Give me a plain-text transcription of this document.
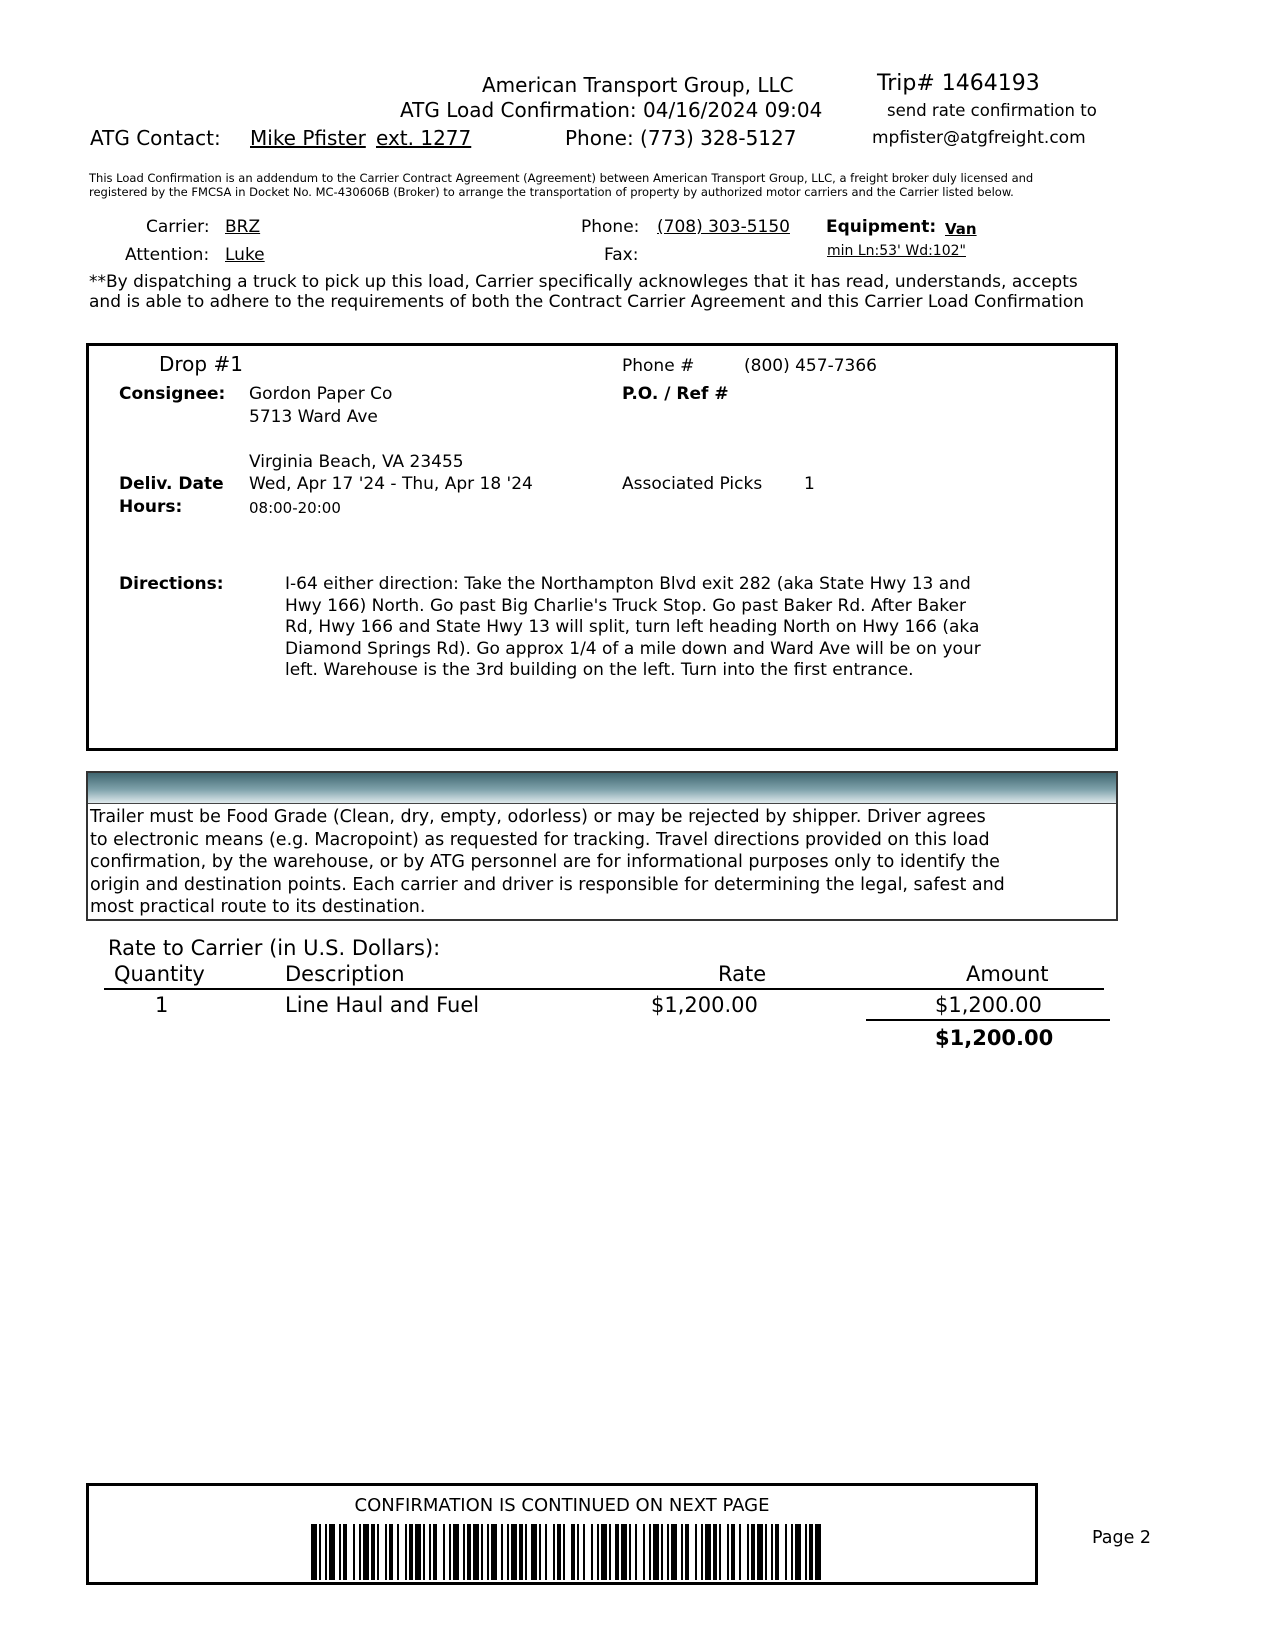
American Transport Group, LLC	Trip# 1464193
ATG Load Confirmation: 04/16/2024 09:04	send rate confirmation to
ATG Contact: Mike Pfister ext. 1277	Phone: (773) 328-5127	mpfister@atgfreight.com
This Load Confirmation is an addendum to the Carrier Contract Agreement (Agreement) between American Transport Group, LLC, a freight broker duly licensed and
registered by the FMCSA in Docket No. MC-430606B (Broker) to arrange the transportation of property by authorized motor carriers and the Carrier listed below.
Carrier: BRZ
Attention: Luke
Phone: (708) 303-5150
Fax:
Equipment: Van
min Ln:53' Wd:102"
**By dispatching a truck to pick up this load, Carrier specifically acknowleges that it has read, understands, accepts
and is able to adhere to the requirements of both the Contract Carrier Agreement and this Carrier Load Confirmation
Drop #1	Phone #	(800) 457-7366
Consignee: Gordon Paper Co
5713 Ward Ave
P.O. / Ref #
Virginia Beach, VA 23455
Deliv. Date Wed, Apr 17 '24 - Thu, Apr 18 '24	Associated Picks 1
Hours:	08:00-20:00
Directions:	I-64 either direction: Take the Northampton Blvd exit 282 (aka State Hwy 13 and
Hwy 166) North. Go past Big Charlie's Truck Stop. Go past Baker Rd. After Baker
Rd, Hwy 166 and State Hwy 13 will split, turn left heading North on Hwy 166 (aka
Diamond Springs Rd). Go approx 1/4 of a mile down and Ward Ave will be on your
left. Warehouse is the 3rd building on the left. Turn into the first entrance.
Trailer must be Food Grade (Clean, dry, empty, odorless) or may be rejected by shipper. Driver agrees
to electronic means (e.g. Macropoint) as requested for tracking. Travel directions provided on this load
confirmation, by the warehouse, or by ATG personnel are for informational purposes only to identify the
origin and destination points. Each carrier and driver is responsible for determining the legal, safest and
most practical route to its destination.
Rate to Carrier (in U.S. Dollars):
Quantity	Description	Rate	Amount
1	Line Haul and Fuel	$1,200.00	$1,200.00
$1,200.00
CONFIRMATION IS CONTINUED ON NEXT PAGE
Page 2
